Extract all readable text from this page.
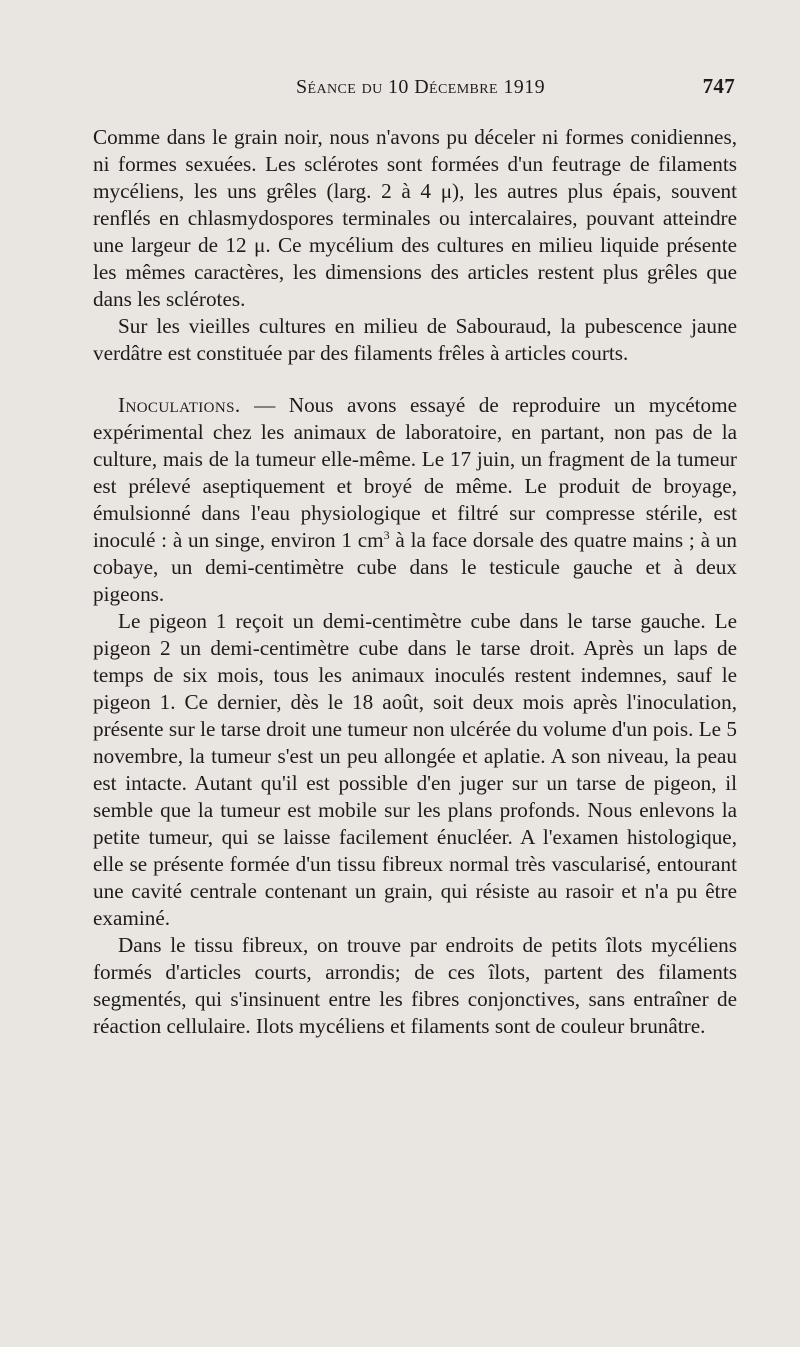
Séance du 10 Décembre 1919	747

Comme dans le grain noir, nous n'avons pu déceler ni formes conidiennes, ni formes sexuées. Les sclérotes sont formées d'un feutrage de filaments mycéliens, les uns grêles (larg. 2 à 4 μ), les autres plus épais, souvent renflés en chlasmydospores terminales ou intercalaires, pouvant atteindre une largeur de 12 μ. Ce mycélium des cultures en milieu liquide présente les mêmes caractères, les dimensions des articles restent plus grêles que dans les sclérotes.

Sur les vieilles cultures en milieu de Sabouraud, la pubescence jaune verdâtre est constituée par des filaments frêles à articles courts.

Inoculations. — Nous avons essayé de reproduire un mycétome expérimental chez les animaux de laboratoire, en partant, non pas de la culture, mais de la tumeur elle-même. Le 17 juin, un fragment de la tumeur est prélevé aseptiquement et broyé de même. Le produit de broyage, émulsionné dans l'eau physiologique et filtré sur compresse stérile, est inoculé : à un singe, environ 1 $cm^3$ à la face dorsale des quatre mains ; à un cobaye, un demi-centimètre cube dans le testicule gauche et à deux pigeons.

Le pigeon 1 reçoit un demi-centimètre cube dans le tarse gauche. Le pigeon 2 un demi-centimètre cube dans le tarse droit. Après un laps de temps de six mois, tous les animaux inoculés restent indemnes, sauf le pigeon 1. Ce dernier, dès le 18 août, soit deux mois après l'inoculation, présente sur le tarse droit une tumeur non ulcérée du volume d'un pois. Le 5 novembre, la tumeur s'est un peu allongée et aplatie. A son niveau, la peau est intacte. Autant qu'il est possible d'en juger sur un tarse de pigeon, il semble que la tumeur est mobile sur les plans profonds. Nous enlevons la petite tumeur, qui se laisse facilement énucléer. A l'examen histologique, elle se présente formée d'un tissu fibreux normal très vascularisé, entourant une cavité centrale contenant un grain, qui résiste au rasoir et n'a pu être examiné.

Dans le tissu fibreux, on trouve par endroits de petits îlots mycéliens formés d'articles courts, arrondis; de ces îlots, partent des filaments segmentés, qui s'insinuent entre les fibres conjonctives, sans entraîner de réaction cellulaire. Ilots mycéliens et filaments sont de couleur brunâtre.
